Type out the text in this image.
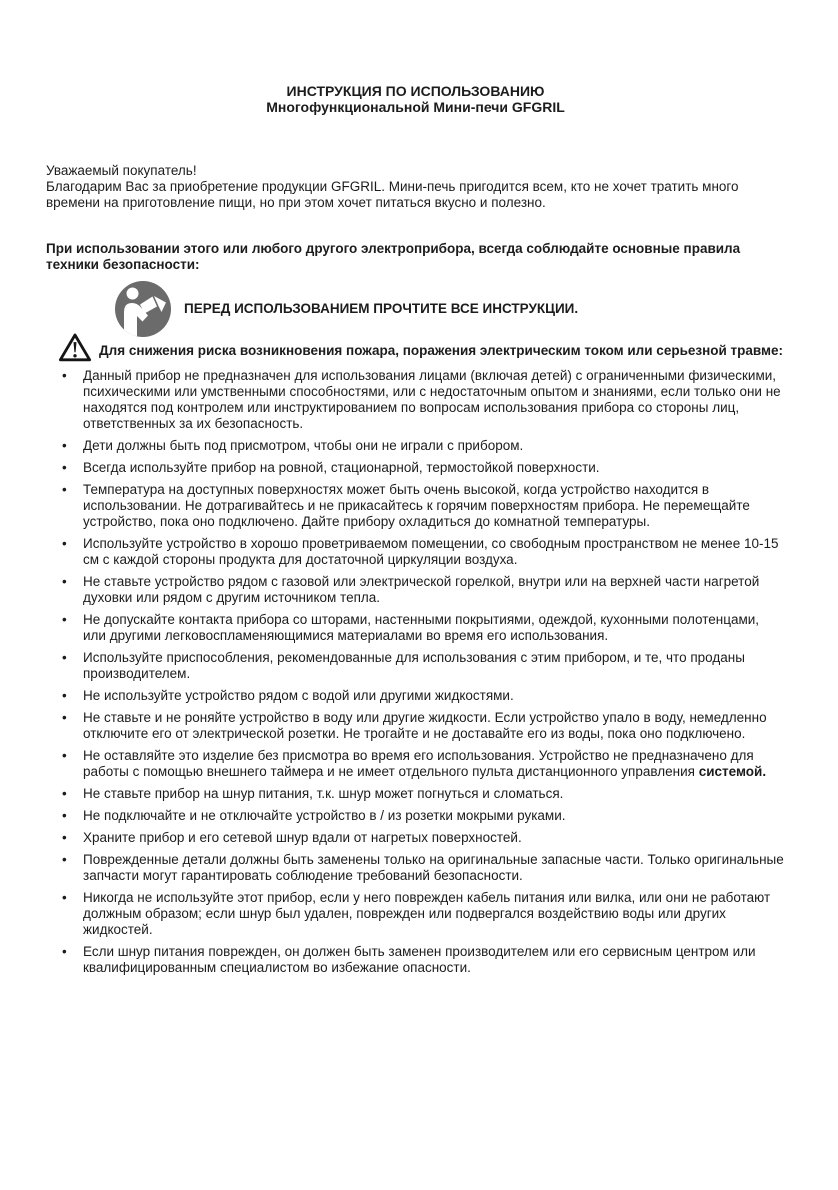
ИНСТРУКЦИЯ ПО ИСПОЛЬЗОВАНИЮ
Многофункциональной Мини-печи GFGRIL
Уважаемый покупатель!

Благодарим Вас за приобретение продукции GFGRIL. Мини-печь пригодится всем, кто не хочет тратить много времени на приготовление пищи, но при этом хочет питаться вкусно и полезно.

При использовании этого или любого другого электроприбора, всегда соблюдайте основные правила техники безопасности:
ПЕРЕД ИСПОЛЬЗОВАНИЕМ ПРОЧТИТЕ ВСЕ ИНСТРУКЦИИ.
Для снижения риска возникновения пожара, поражения электрическим током или серьезной травме:
• Данный прибор не предназначен для использования лицами (включая детей) с ограниченными физическими, психическими или умственными способностями, или с недостаточным опытом и знаниями, если только они не находятся под контролем или инструктированием по вопросам использования прибора со стороны лиц, ответственных за их безопасность.
• Дети должны быть под присмотром, чтобы они не играли с прибором.
• Всегда используйте прибор на ровной, стационарной, термостойкой поверхности.
• Температура на доступных поверхностях может быть очень высокой, когда устройство находится в использовании. Не дотрагивайтесь и не прикасайтесь к горячим поверхностям прибора. Не перемещайте устройство, пока оно подключено. Дайте прибору охладиться до комнатной температуры.
• Используйте устройство в хорошо проветриваемом помещении, со свободным пространством не менее 10-15 см с каждой стороны продукта для достаточной циркуляции воздуха.
• Не ставьте устройство рядом с газовой или электрической горелкой, внутри или на верхней части нагретой духовки или рядом с другим источником тепла.
• Не допускайте контакта прибора со шторами, настенными покрытиями, одеждой, кухонными полотенцами, или другими легковоспламеняющимися материалами во время его использования.
• Используйте приспособления, рекомендованные для использования с этим прибором, и те, что проданы производителем.
• Не используйте устройство рядом с водой или другими жидкостями.
• Не ставьте и не роняйте устройство в воду или другие жидкости. Если устройство упало в воду, немедленно отключите его от электрической розетки. Не трогайте и не доставайте его из воды, пока оно подключено.
• Не оставляйте это изделие без присмотра во время его использования. Устройство не предназначено для работы с помощью внешнего таймера и не имеет отдельного пульта дистанционного управления системой.
• Не ставьте прибор на шнур питания, т.к. шнур может погнуться и сломаться.
• Не подключайте и не отключайте устройство в / из розетки мокрыми руками.
• Храните прибор и его сетевой шнур вдали от нагретых поверхностей.
• Поврежденные детали должны быть заменены только на оригинальные запасные части. Только оригинальные запчасти могут гарантировать соблюдение требований безопасности.
• Никогда не используйте этот прибор, если у него поврежден кабель питания или вилка, или они не работают должным образом; если шнур был удален, поврежден или подвергался воздействию воды или других жидкостей.
• Если шнур питания поврежден, он должен быть заменен производителем или его сервисным центром или квалифицированным специалистом во избежание опасности.
